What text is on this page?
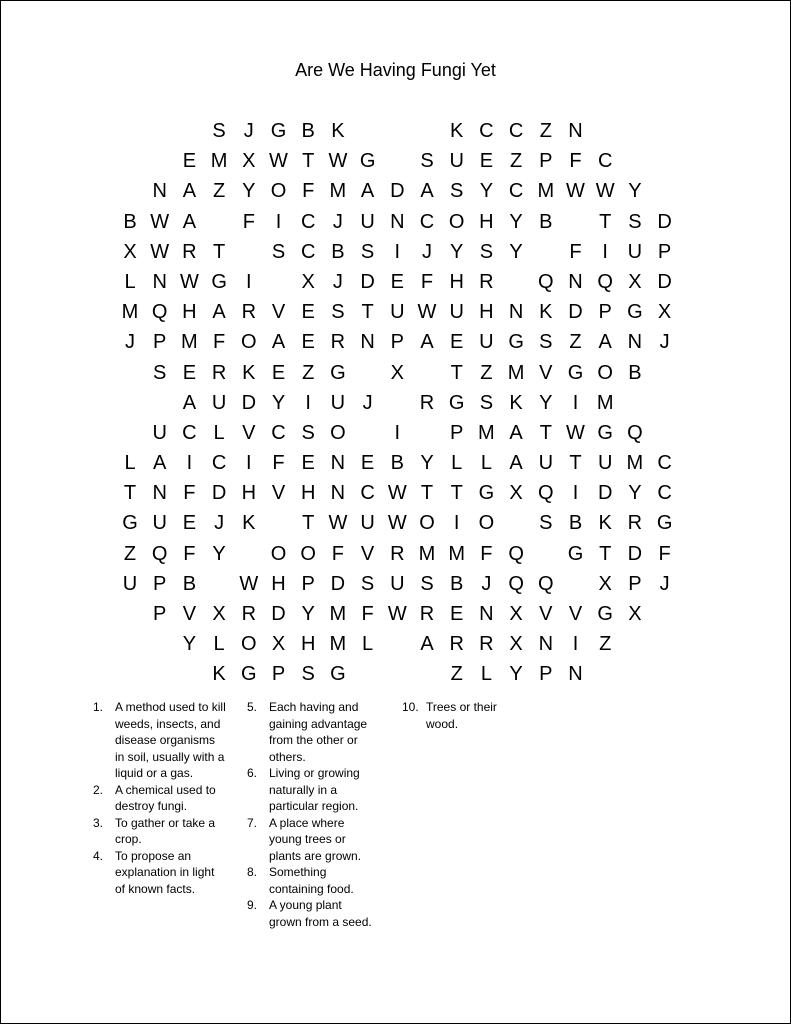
Are We Having Fungi Yet
S J G B K	K C C Z N
E M X W T W G	S U E Z P F C
N A Z Y O F M A D A S Y C M W W Y
B W A	F	I C J U N C O H Y B	T S D
X W R T	S C B S	I	J Y S Y	F	I U P
L N W G I	X J D E F H R	Q N Q X D
M Q H A R V E S T U W U H N K D P G X
J P M F O A E R N P A E U G S Z A N J
S E R K E Z G	X	T Z M V G O B
A U D Y	I U J	R G S K Y	I M
U C L V C S O	I	P M A T W G Q
L A	I C I	F E N E B Y L L A U T U M C
T N F D H V H N C W T T G X Q I D Y C
G U E J K	T W U W O I O	S B K R G
Z Q F Y	O O F V R M M F Q	G T D F
U P B	W H P D S U S B J Q Q	X P J
P V X R D Y M F W R E N X V V G X
Y L O X H M L	A R R X N I	Z
K G P S G	Z L Y P N
1. A method used to kill weeds, insects, and disease organisms in soil, usually with a liquid or a gas.
2. A chemical used to destroy fungi.
3. To gather or take a crop.
4. To propose an explanation in light of known facts.
5. Each having and gaining advantage from the other or others.
6. Living or growing naturally in a particular region.
7. A place where young trees or plants are grown.
8. Something containing food.
9. A young plant grown from a seed.
10. Trees or their wood.
